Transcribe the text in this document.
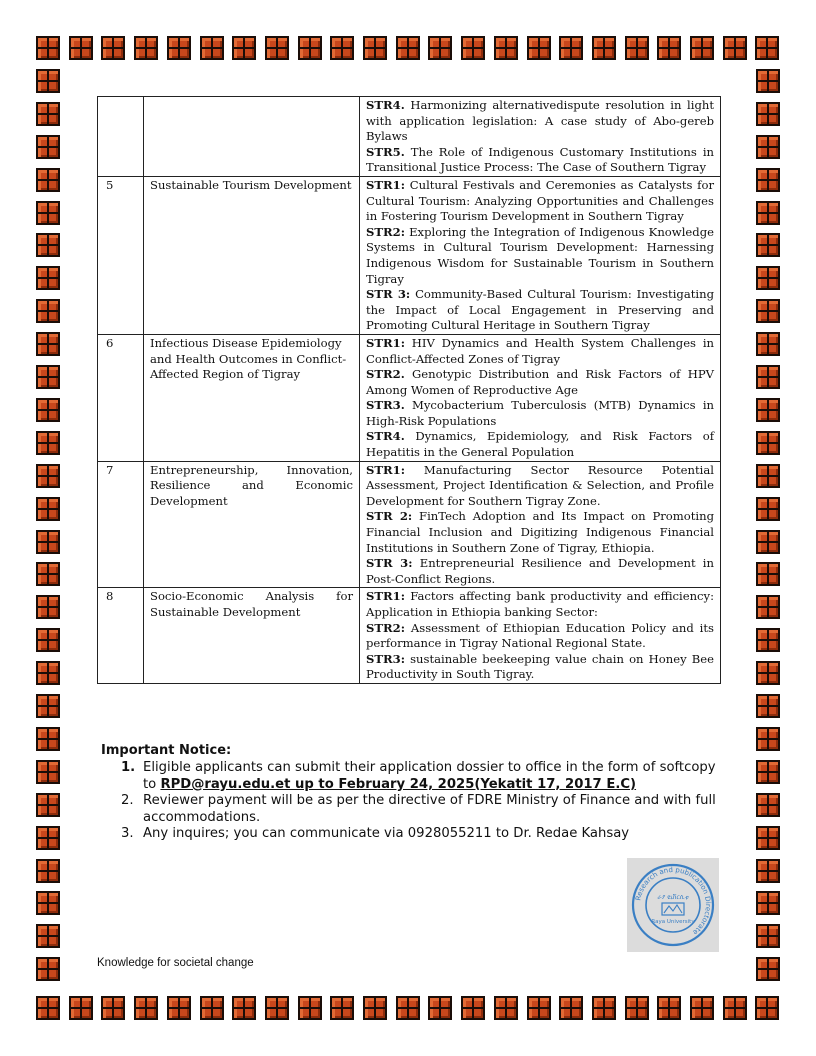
		STR4. Harmonizing alternativedispute resolution in light with application legislation: A case study of Abo-gereb Bylaws
STR5. The Role of Indigenous Customary Institutions in Transitional Justice Process: The Case of Southern Tigray

5	Sustainable Tourism Development	STR1: Cultural Festivals and Ceremonies as Catalysts for Cultural Tourism: Analyzing Opportunities and Challenges in Fostering Tourism Development in Southern Tigray
STR2: Exploring the Integration of Indigenous Knowledge Systems in Cultural Tourism Development: Harnessing Indigenous Wisdom for Sustainable Tourism in Southern Tigray
STR 3: Community-Based Cultural Tourism: Investigating the Impact of Local Engagement in Preserving and Promoting Cultural Heritage in Southern Tigray

6	Infectious Disease Epidemiology and Health Outcomes in Conflict-Affected Region of Tigray	STR1: HIV Dynamics and Health System Challenges in Conflict-Affected Zones of Tigray
STR2. Genotypic Distribution and Risk Factors of HPV Among Women of Reproductive Age
STR3. Mycobacterium Tuberculosis (MTB) Dynamics in High-Risk Populations
STR4. Dynamics, Epidemiology, and Risk Factors of Hepatitis in the General Population

7	Entrepreneurship, Innovation, Resilience and Economic Development	STR1: Manufacturing Sector Resource Potential Assessment, Project Identification & Selection, and Profile Development for Southern Tigray Zone.
STR 2: FinTech Adoption and Its Impact on Promoting Financial Inclusion and Digitizing Indigenous Financial Institutions in Southern Zone of Tigray, Ethiopia.
STR 3: Entrepreneurial Resilience and Development in Post-Conflict Regions.

8	Socio-Economic Analysis for Sustainable Development	STR1: Factors affecting bank productivity and efficiency: Application in Ethiopia banking Sector:
STR2: Assessment of Ethiopian Education Policy and its performance in Tigray National Regional State.
STR3: sustainable beekeeping value chain on Honey Bee Productivity in South Tigray.
Important Notice:
1. Eligible applicants can submit their application dossier to office in the form of softcopy to RPD@rayu.edu.et up to February 24, 2025(Yekatit 17, 2017 E.C)
2. Reviewer payment will be as per the directive of FDRE Ministry of Finance and with full accommodations.
3. Any inquires; you can communicate via 0928055211 to Dr. Redae Kahsay
Research and publication Directorate
ራያ ዩኒቨርሲቲ
Raya University
Knowledge for societal change
